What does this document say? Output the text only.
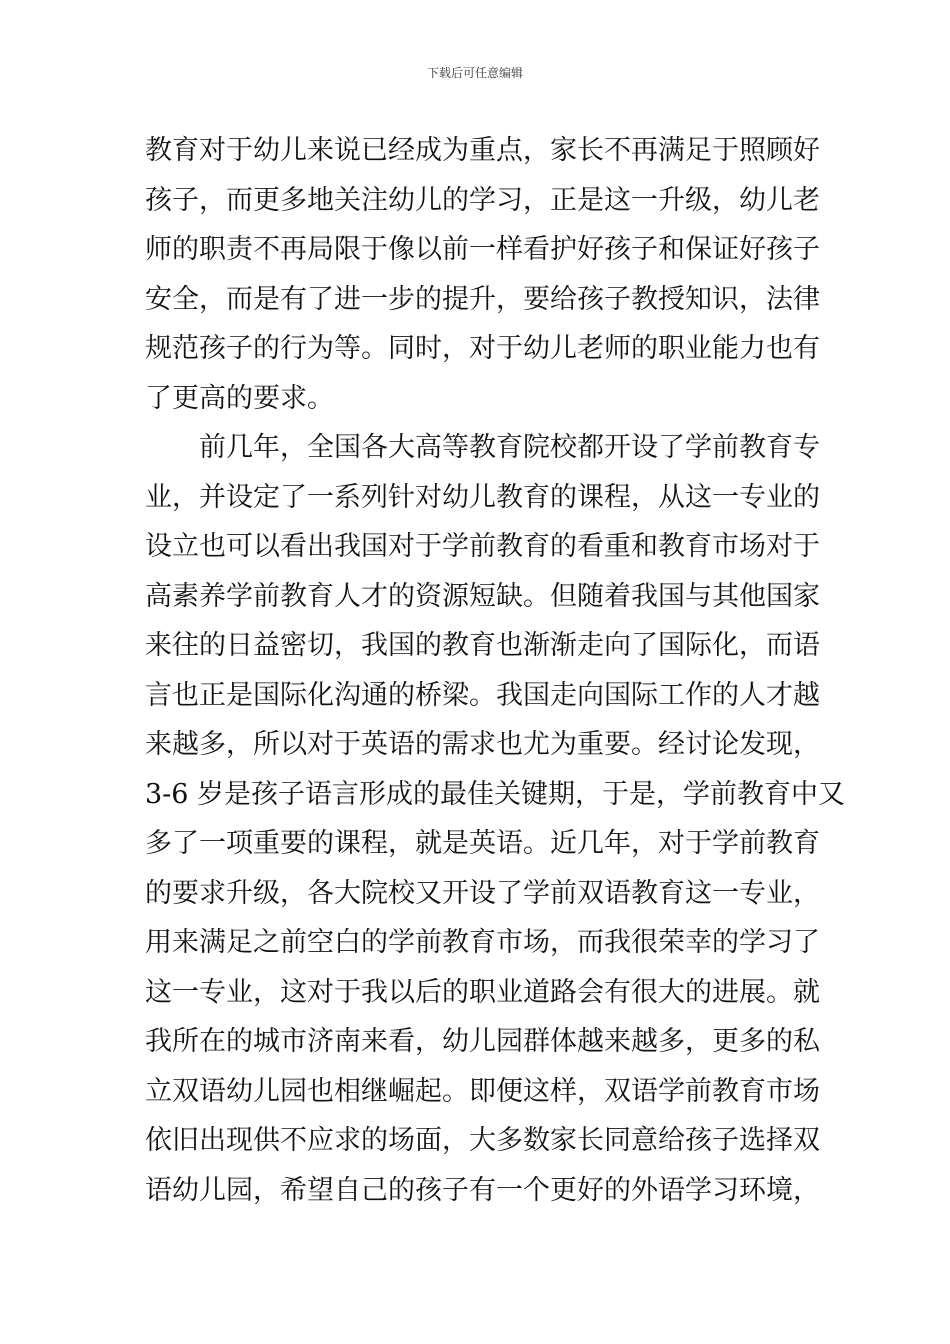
下载后可任意编辑
教育对于幼儿来说已经成为重点，家长不再满足于照顾好
孩子，而更多地关注幼儿的学习，正是这一升级，幼儿老
师的职责不再局限于像以前一样看护好孩子和保证好孩子
安全，而是有了进一步的提升，要给孩子教授知识，法律
规范孩子的行为等。同时，对于幼儿老师的职业能力也有
了更高的要求。
前几年，全国各大高等教育院校都开设了学前教育专
业，并设定了一系列针对幼儿教育的课程，从这一专业的
设立也可以看出我国对于学前教育的看重和教育市场对于
高素养学前教育人才的资源短缺。但随着我国与其他国家
来往的日益密切，我国的教育也渐渐走向了国际化，而语
言也正是国际化沟通的桥梁。我国走向国际工作的人才越
来越多，所以对于英语的需求也尤为重要。经讨论发现，
3-6 岁是孩子语言形成的最佳关键期，于是，学前教育中又
多了一项重要的课程，就是英语。近几年，对于学前教育
的要求升级，各大院校又开设了学前双语教育这一专业，
用来满足之前空白的学前教育市场，而我很荣幸的学习了
这一专业，这对于我以后的职业道路会有很大的进展。就
我所在的城市济南来看，幼儿园群体越来越多，更多的私
立双语幼儿园也相继崛起。即便这样，双语学前教育市场
依旧出现供不应求的场面，大多数家长同意给孩子选择双
语幼儿园，希望自己的孩子有一个更好的外语学习环境，
